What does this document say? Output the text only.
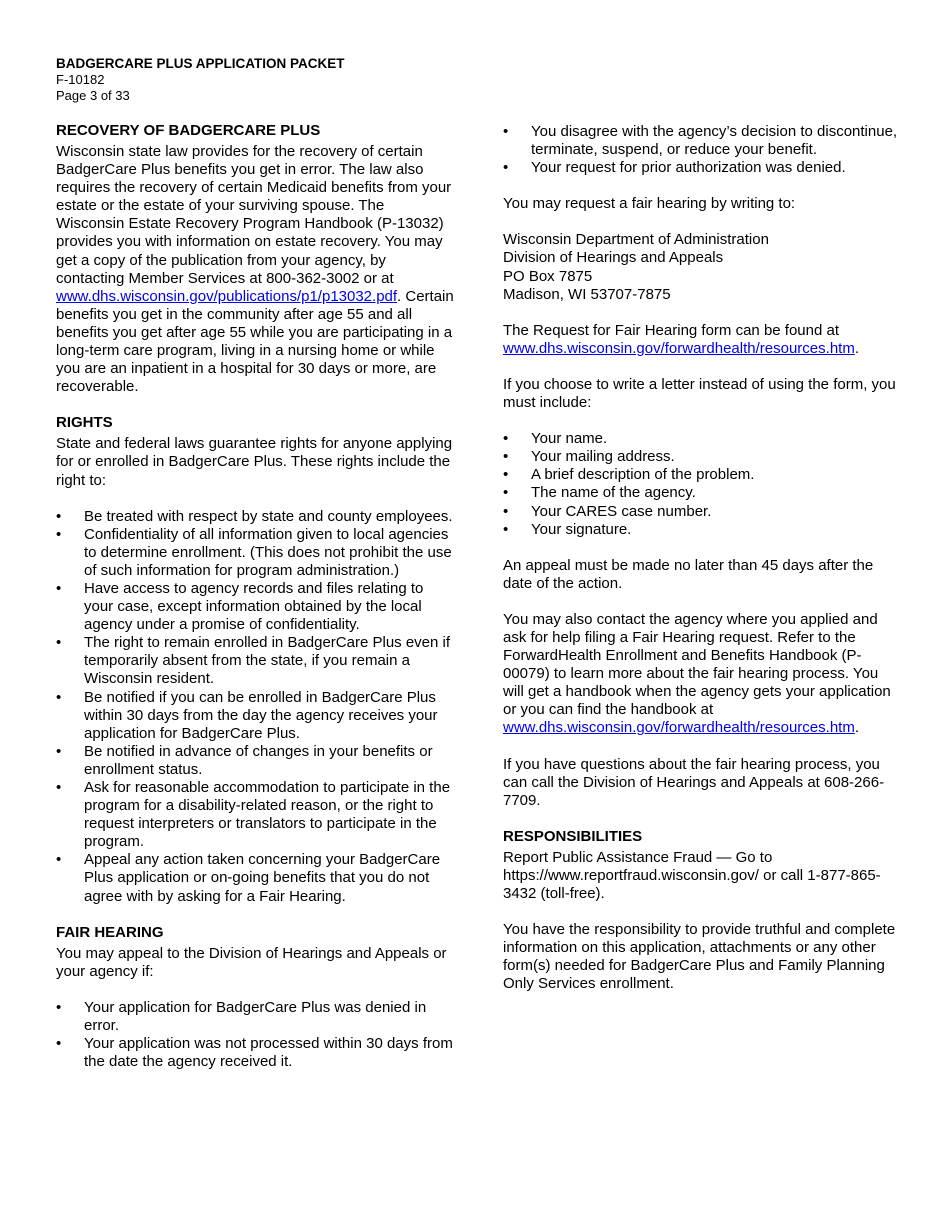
BADGERCARE PLUS APPLICATION PACKET
F-10182
Page 3 of 33
RECOVERY OF BADGERCARE PLUS

Wisconsin state law provides for the recovery of certain BadgerCare Plus benefits you get in error. The law also requires the recovery of certain Medicaid benefits from your estate or the estate of your surviving spouse. The Wisconsin Estate Recovery Program Handbook (P-13032) provides you with information on estate recovery. You may get a copy of the publication from your agency, by contacting Member Services at 800-362-3002 or at www.dhs.wisconsin.gov/publications/p1/p13032.pdf. Certain benefits you get in the community after age 55 and all benefits you get after age 55 while you are participating in a long-term care program, living in a nursing home or while you are an inpatient in a hospital for 30 days or more, are recoverable.

RIGHTS

State and federal laws guarantee rights for anyone applying for or enrolled in BadgerCare Plus. These rights include the right to:

• Be treated with respect by state and county employees.
• Confidentiality of all information given to local agencies to determine enrollment. (This does not prohibit the use of such information for program administration.)
• Have access to agency records and files relating to your case, except information obtained by the local agency under a promise of confidentiality.
• The right to remain enrolled in BadgerCare Plus even if temporarily absent from the state, if you remain a Wisconsin resident.
• Be notified if you can be enrolled in BadgerCare Plus within 30 days from the day the agency receives your application for BadgerCare Plus.
• Be notified in advance of changes in your benefits or enrollment status.
• Ask for reasonable accommodation to participate in the program for a disability-related reason, or the right to request interpreters or translators to participate in the program.
• Appeal any action taken concerning your BadgerCare Plus application or on-going benefits that you do not agree with by asking for a Fair Hearing.
FAIR HEARING

You may appeal to the Division of Hearings and Appeals or your agency if:

• Your application for BadgerCare Plus was denied in error.
• Your application was not processed within 30 days from the date the agency received it.
• You disagree with the agency’s decision to discontinue, terminate, suspend, or reduce your benefit.
• Your request for prior authorization was denied.

You may request a fair hearing by writing to:

Wisconsin Department of Administration
Division of Hearings and Appeals
PO Box 7875
Madison, WI 53707-7875

The Request for Fair Hearing form can be found at
www.dhs.wisconsin.gov/forwardhealth/resources.htm.

If you choose to write a letter instead of using the form, you must include:

• Your name.
• Your mailing address.
• A brief description of the problem.
• The name of the agency.
• Your CARES case number.
• Your signature.

An appeal must be made no later than 45 days after the date of the action.

You may also contact the agency where you applied and ask for help filing a Fair Hearing request. Refer to the ForwardHealth Enrollment and Benefits Handbook (P-00079) to learn more about the fair hearing process. You will get a handbook when the agency gets your application or you can find the handbook at www.dhs.wisconsin.gov/forwardhealth/resources.htm.

If you have questions about the fair hearing process, you can call the Division of Hearings and Appeals at 608-266-7709.

RESPONSIBILITIES

Report Public Assistance Fraud — Go to https://www.reportfraud.wisconsin.gov/ or call 1-877-865-3432 (toll-free).

You have the responsibility to provide truthful and complete information on this application, attachments or any other form(s) needed for BadgerCare Plus and Family Planning Only Services enrollment.
